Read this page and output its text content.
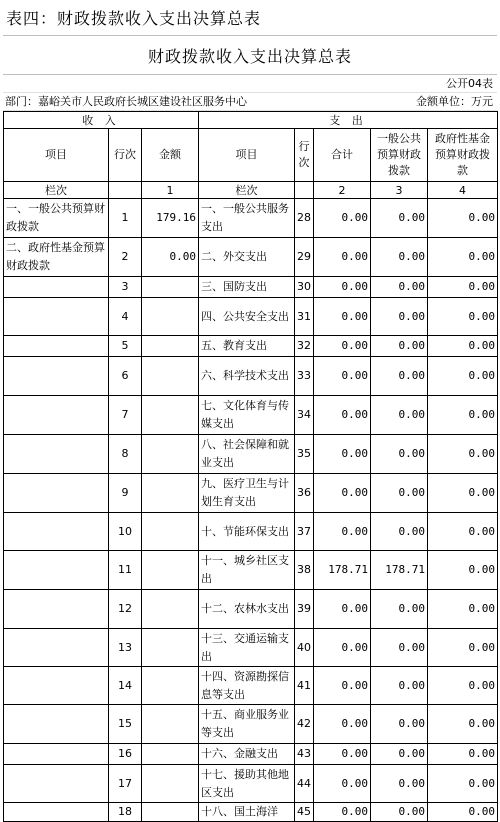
表四：财政拨款收入支出决算总表
财政拨款收入支出决算总表
公开04表
部门：嘉峪关市人民政府长城区建设社区服务中心	金额单位：万元
收 入			支 出				
项目	行次	金额	项目	行次	合计	一般公共预算财政拨款	政府性基金预算财政拨款
栏次		1	栏次		2	3	4
一、一般公共预算财政拨款	1	179.16	一、一般公共服务支出	28	0.00	0.00	0.00
二、政府性基金预算财政拨款	2	0.00	二、外交支出	29	0.00	0.00	0.00
	3		三、国防支出	30	0.00	0.00	0.00
	4		四、公共安全支出	31	0.00	0.00	0.00
	5		五、教育支出	32	0.00	0.00	0.00
	6		六、科学技术支出	33	0.00	0.00	0.00
	7		七、文化体育与传媒支出	34	0.00	0.00	0.00
	8		八、社会保障和就业支出	35	0.00	0.00	0.00
	9		九、医疗卫生与计划生育支出	36	0.00	0.00	0.00
	10		十、节能环保支出	37	0.00	0.00	0.00
	11		十一、城乡社区支出	38	178.71	178.71	0.00
	12		十二、农林水支出	39	0.00	0.00	0.00
	13		十三、交通运输支出	40	0.00	0.00	0.00
	14		十四、资源勘探信息等支出	41	0.00	0.00	0.00
	15		十五、商业服务业等支出	42	0.00	0.00	0.00
	16		十六、金融支出	43	0.00	0.00	0.00
	17		十七、援助其他地区支出	44	0.00	0.00	0.00
	18		十八、国土海洋	45	0.00	0.00	0.00
